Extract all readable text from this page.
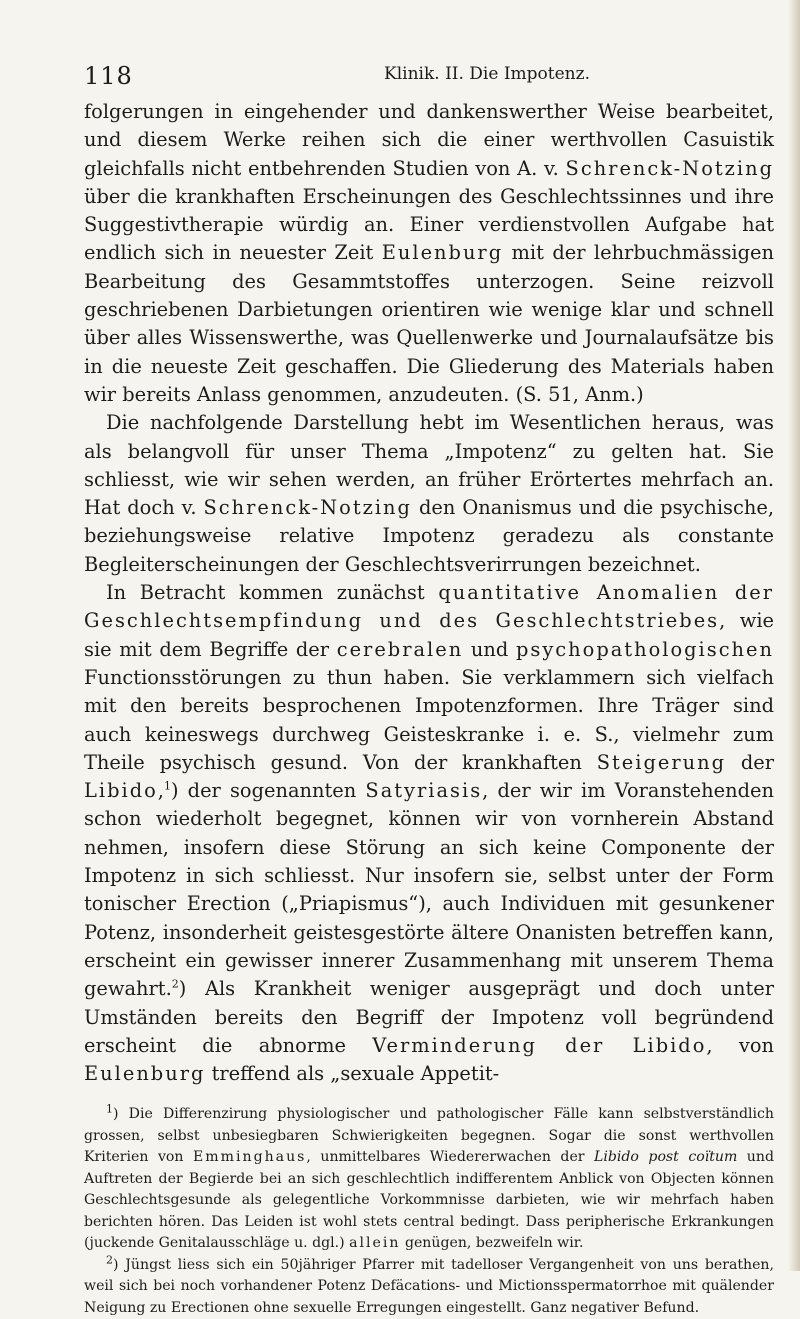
118	Klinik. II. Die Impotenz.

folgerungen in eingehender und dankenswerther Weise bearbeitet, und diesem Werke reihen sich die einer werthvollen Casuistik gleichfalls nicht entbehrenden Studien von A. v. Schrenck-Notzing über die krankhaften Erscheinungen des Geschlechtssinnes und ihre Suggestivtherapie würdig an. Einer verdienstvollen Aufgabe hat endlich sich in neuester Zeit Eulenburg mit der lehrbuchmässigen Bearbeitung des Gesammtstoffes unterzogen. Seine reizvoll geschriebenen Darbietungen orientiren wie wenige klar und schnell über alles Wissenswerthe, was Quellenwerke und Journalaufsätze bis in die neueste Zeit geschaffen. Die Gliederung des Materials haben wir bereits Anlass genommen, anzudeuten. (S. 51, Anm.)

Die nachfolgende Darstellung hebt im Wesentlichen heraus, was als belangvoll für unser Thema „Impotenz“ zu gelten hat. Sie schliesst, wie wir sehen werden, an früher Erörtertes mehrfach an. Hat doch v. Schrenck-Notzing den Onanismus und die psychische, beziehungsweise relative Impotenz geradezu als constante Begleiterscheinungen der Geschlechtsverirrungen bezeichnet.

In Betracht kommen zunächst quantitative Anomalien der Geschlechtsempfindung und des Geschlechtstriebes, wie sie mit dem Begriffe der cerebralen und psychopathologischen Functionsstörungen zu thun haben. Sie verklammern sich vielfach mit den bereits besprochenen Impotenzformen. Ihre Träger sind auch keineswegs durchweg Geisteskranke i. e. S., vielmehr zum Theile psychisch gesund. Von der krankhaften Steigerung der Libido,$^1$) der sogenannten Satyriasis, der wir im Voranstehenden schon wiederholt begegnet, können wir von vornherein Abstand nehmen, insofern diese Störung an sich keine Componente der Impotenz in sich schliesst. Nur insofern sie, selbst unter der Form tonischer Erection („Priapismus“), auch Individuen mit gesunkener Potenz, insonderheit geistesgestörte ältere Onanisten betreffen kann, erscheint ein gewisser innerer Zusammenhang mit unserem Thema gewahrt.$^2$) Als Krankheit weniger ausgeprägt und doch unter Umständen bereits den Begriff der Impotenz voll begründend erscheint die abnorme Verminderung der Libido, von Eulenburg treffend als „sexuale Appetit-

$^1$) Die Differenzirung physiologischer und pathologischer Fälle kann selbstverständlich grossen, selbst unbesiegbaren Schwierigkeiten begegnen. Sogar die sonst werthvollen Kriterien von Emminghaus, unmittelbares Wiedererwachen der Libido post coïtum und Auftreten der Begierde bei an sich geschlechtlich indifferentem Anblick von Objecten können Geschlechtsgesunde als gelegentliche Vorkommnisse darbieten, wie wir mehrfach haben berichten hören. Das Leiden ist wohl stets central bedingt. Dass peripherische Erkrankungen (juckende Genitalausschläge u. dgl.) allein genügen, bezweifeln wir.

$^2$) Jüngst liess sich ein 50jähriger Pfarrer mit tadelloser Vergangenheit von uns berathen, weil sich bei noch vorhandener Potenz Defäcations- und Mictionsspermatorrhoe mit quälender Neigung zu Erectionen ohne sexuelle Erregungen eingestellt. Ganz negativer Befund.
